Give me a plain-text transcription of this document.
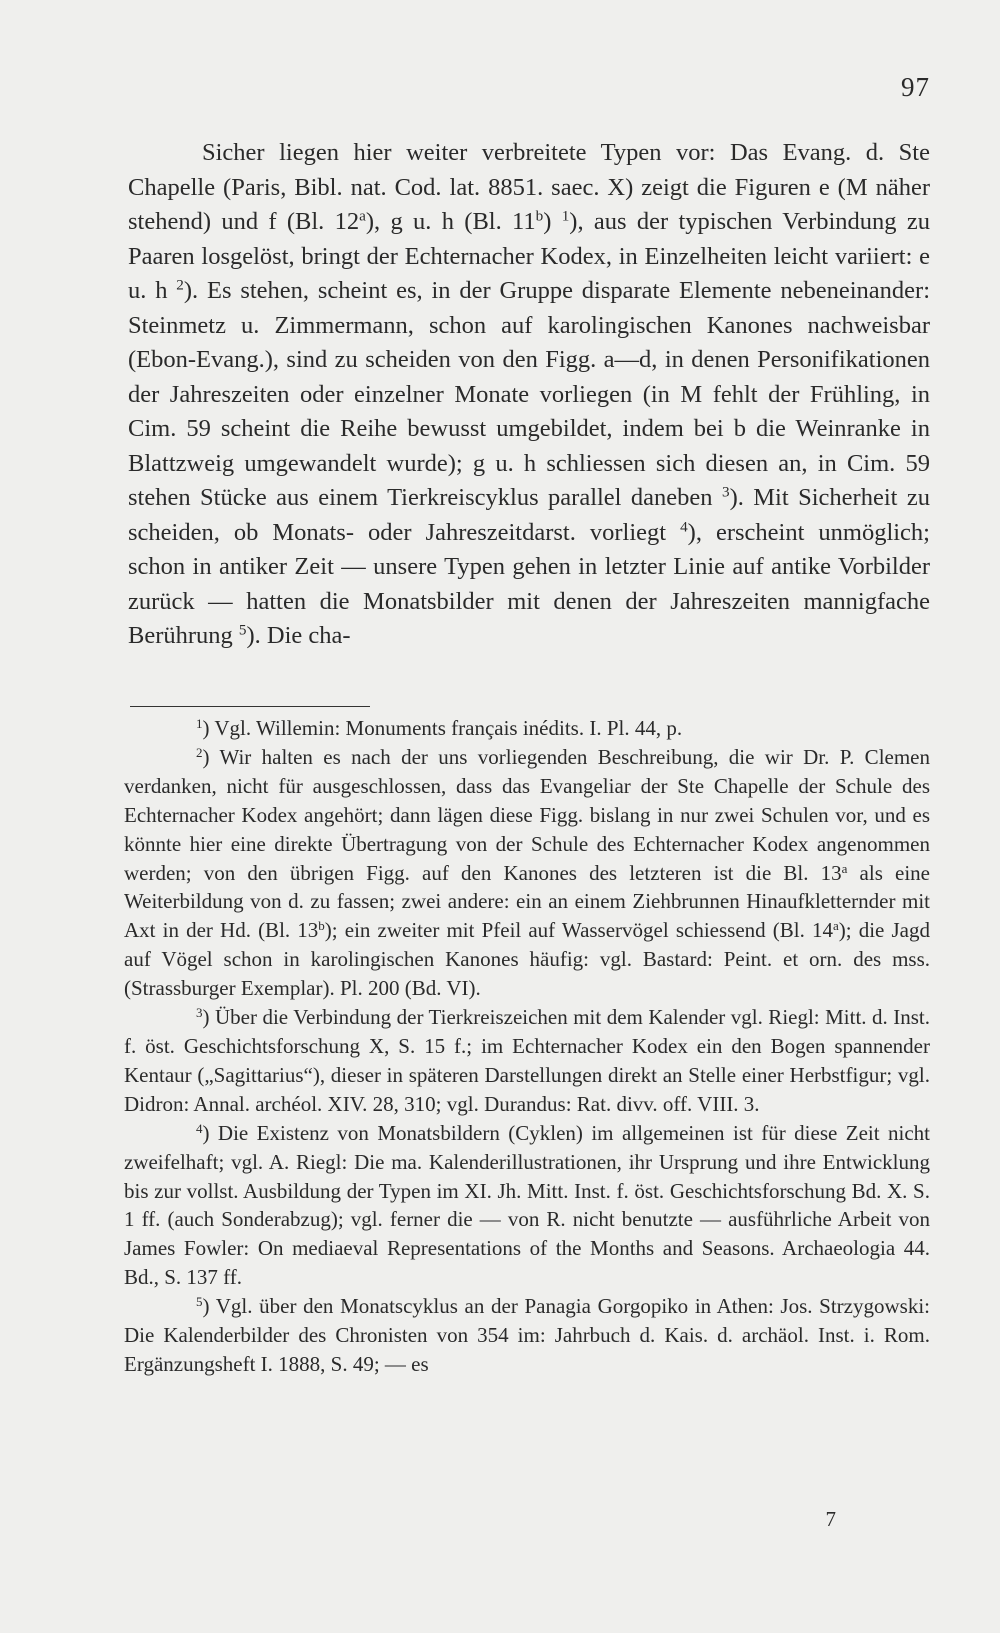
97

Sicher liegen hier weiter verbreitete Typen vor: Das Evang. d. Ste Chapelle (Paris, Bibl. nat. Cod. lat. 8851. saec. X) zeigt die Figuren e (M näher stehend) und f (Bl. 12$^a$), g u. h (Bl. 11$^b$) $^1$), aus der typischen Verbindung zu Paaren losgelöst, bringt der Echternacher Kodex, in Einzelheiten leicht variiert: e u. h $^2$). Es stehen, scheint es, in der Gruppe disparate Elemente nebeneinander: Steinmetz u. Zimmermann, schon auf karolingischen Kanones nachweisbar (Ebon-Evang.), sind zu scheiden von den Figg. a—d, in denen Personifikationen der Jahreszeiten oder einzelner Monate vorliegen (in M fehlt der Frühling, in Cim. 59 scheint die Reihe bewusst umgebildet, indem bei b die Weinranke in Blattzweig umgewandelt wurde); g u. h schliessen sich diesen an, in Cim. 59 stehen Stücke aus einem Tierkreiscyklus parallel daneben $^3$). Mit Sicherheit zu scheiden, ob Monats- oder Jahreszeitdarst. vorliegt $^4$), erscheint unmöglich; schon in antiker Zeit — unsere Typen gehen in letzter Linie auf antike Vorbilder zurück — hatten die Monatsbilder mit denen der Jahreszeiten mannigfache Berührung $^5$). Die cha-

$^1$) Vgl. Willemin: Monuments français inédits. I. Pl. 44, p.

$^2$) Wir halten es nach der uns vorliegenden Beschreibung, die wir Dr. P. Clemen verdanken, nicht für ausgeschlossen, dass das Evangeliar der Ste Chapelle der Schule des Echternacher Kodex angehört; dann lägen diese Figg. bislang in nur zwei Schulen vor, und es könnte hier eine direkte Übertragung von der Schule des Echternacher Kodex angenommen werden; von den übrigen Figg. auf den Kanones des letzteren ist die Bl. 13$^a$ als eine Weiterbildung von d. zu fassen; zwei andere: ein an einem Ziehbrunnen Hinaufkletternder mit Axt in der Hd. (Bl. 13$^b$); ein zweiter mit Pfeil auf Wasservögel schiessend (Bl. 14$^a$); die Jagd auf Vögel schon in karolingischen Kanones häufig: vgl. Bastard: Peint. et orn. des mss. (Strassburger Exemplar). Pl. 200 (Bd. VI).

$^3$) Über die Verbindung der Tierkreiszeichen mit dem Kalender vgl. Riegl: Mitt. d. Inst. f. öst. Geschichtsforschung X, S. 15 f.; im Echternacher Kodex ein den Bogen spannender Kentaur („Sagittarius“), dieser in späteren Darstellungen direkt an Stelle einer Herbstfigur; vgl. Didron: Annal. archéol. XIV. 28, 310; vgl. Durandus: Rat. divv. off. VIII. 3.

$^4$) Die Existenz von Monatsbildern (Cyklen) im allgemeinen ist für diese Zeit nicht zweifelhaft; vgl. A. Riegl: Die ma. Kalenderillustrationen, ihr Ursprung und ihre Entwicklung bis zur vollst. Ausbildung der Typen im XI. Jh. Mitt. Inst. f. öst. Geschichtsforschung Bd. X. S. 1 ff. (auch Sonderabzug); vgl. ferner die — von R. nicht benutzte — ausführliche Arbeit von James Fowler: On mediaeval Representations of the Months and Seasons. Archaeologia 44. Bd., S. 137 ff.

$^5$) Vgl. über den Monatscyklus an der Panagia Gorgopiko in Athen: Jos. Strzygowski: Die Kalenderbilder des Chronisten von 354 im: Jahrbuch d. Kais. d. archäol. Inst. i. Rom. Ergänzungsheft I. 1888, S. 49; — es

7
